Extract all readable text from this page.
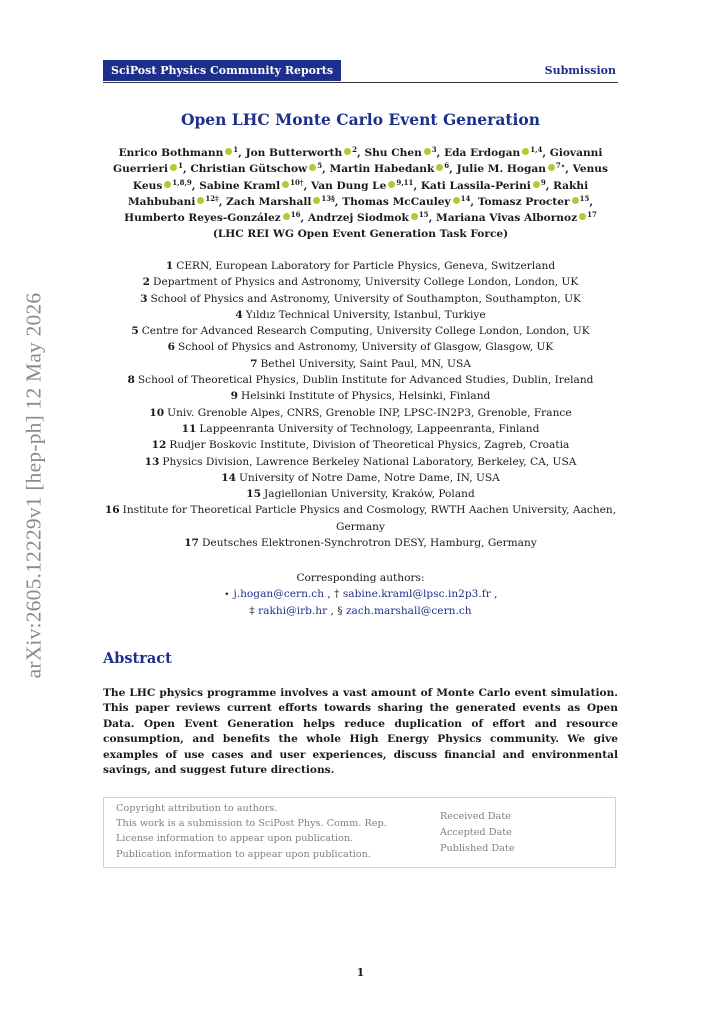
arXiv:2605.12229v1 [hep-ph] 12 May 2026
SciPost Physics Community Reports	Submission
Open LHC Monte Carlo Event Generation
Enrico Bothmann $^1$, Jon Butterworth $^2$, Shu Chen $^3$, Eda Erdogan $^{1,4}$, Giovanni Guerrieri $^1$, Christian Gütschow $^5$, Martin Habedank $^6$, Julie M. Hogan $^{7⋆}$, Venus Keus $^{1,8,9}$, Sabine Kraml $^{10\dagger}$, Van Dung Le $^{9,11}$, Kati Lassila-Perini $^9$, Rakhi Mahbubani $^{12\ddagger}$, Zach Marshall $^{13\S}$, Thomas McCauley $^{14}$, Tomasz Procter $^{15}$, Humberto Reyes-González $^{16}$, Andrzej Siodmok $^{15}$, Mariana Vivas Albornoz $^{17}$
(LHC REI WG Open Event Generation Task Force)
1 CERN, European Laboratory for Particle Physics, Geneva, Switzerland
2 Department of Physics and Astronomy, University College London, London, UK
3 School of Physics and Astronomy, University of Southampton, Southampton, UK
4 Yıldız Technical University, Istanbul, Turkiye
5 Centre for Advanced Research Computing, University College London, London, UK
6 School of Physics and Astronomy, University of Glasgow, Glasgow, UK
7 Bethel University, Saint Paul, MN, USA
8 School of Theoretical Physics, Dublin Institute for Advanced Studies, Dublin, Ireland
9 Helsinki Institute of Physics, Helsinki, Finland
10 Univ. Grenoble Alpes, CNRS, Grenoble INP, LPSC-IN2P3, Grenoble, France
11 Lappeenranta University of Technology, Lappeenranta, Finland
12 Rudjer Boskovic Institute, Division of Theoretical Physics, Zagreb, Croatia
13 Physics Division, Lawrence Berkeley National Laboratory, Berkeley, CA, USA
14 University of Notre Dame, Notre Dame, IN, USA
15 Jagiellonian University, Kraków, Poland
16 Institute for Theoretical Particle Physics and Cosmology, RWTH Aachen University, Aachen, Germany
17 Deutsches Elektronen-Synchrotron DESY, Hamburg, Germany
Corresponding authors:
⋆ j.hogan@cern.ch , † sabine.kraml@lpsc.in2p3.fr ,
‡ rakhi@irb.hr , § zach.marshall@cern.ch
Abstract
The LHC physics programme involves a vast amount of Monte Carlo event simulation. This paper reviews current efforts towards sharing the generated events as Open Data. Open Event Generation helps reduce duplication of effort and resource consumption, and benefits the whole High Energy Physics community. We give examples of use cases and user experiences, discuss financial and environmental savings, and suggest future directions.
Copyright attribution to authors.
This work is a submission to SciPost Phys. Comm. Rep.
License information to appear upon publication.
Publication information to appear upon publication.
Received Date
Accepted Date
Published Date
1
